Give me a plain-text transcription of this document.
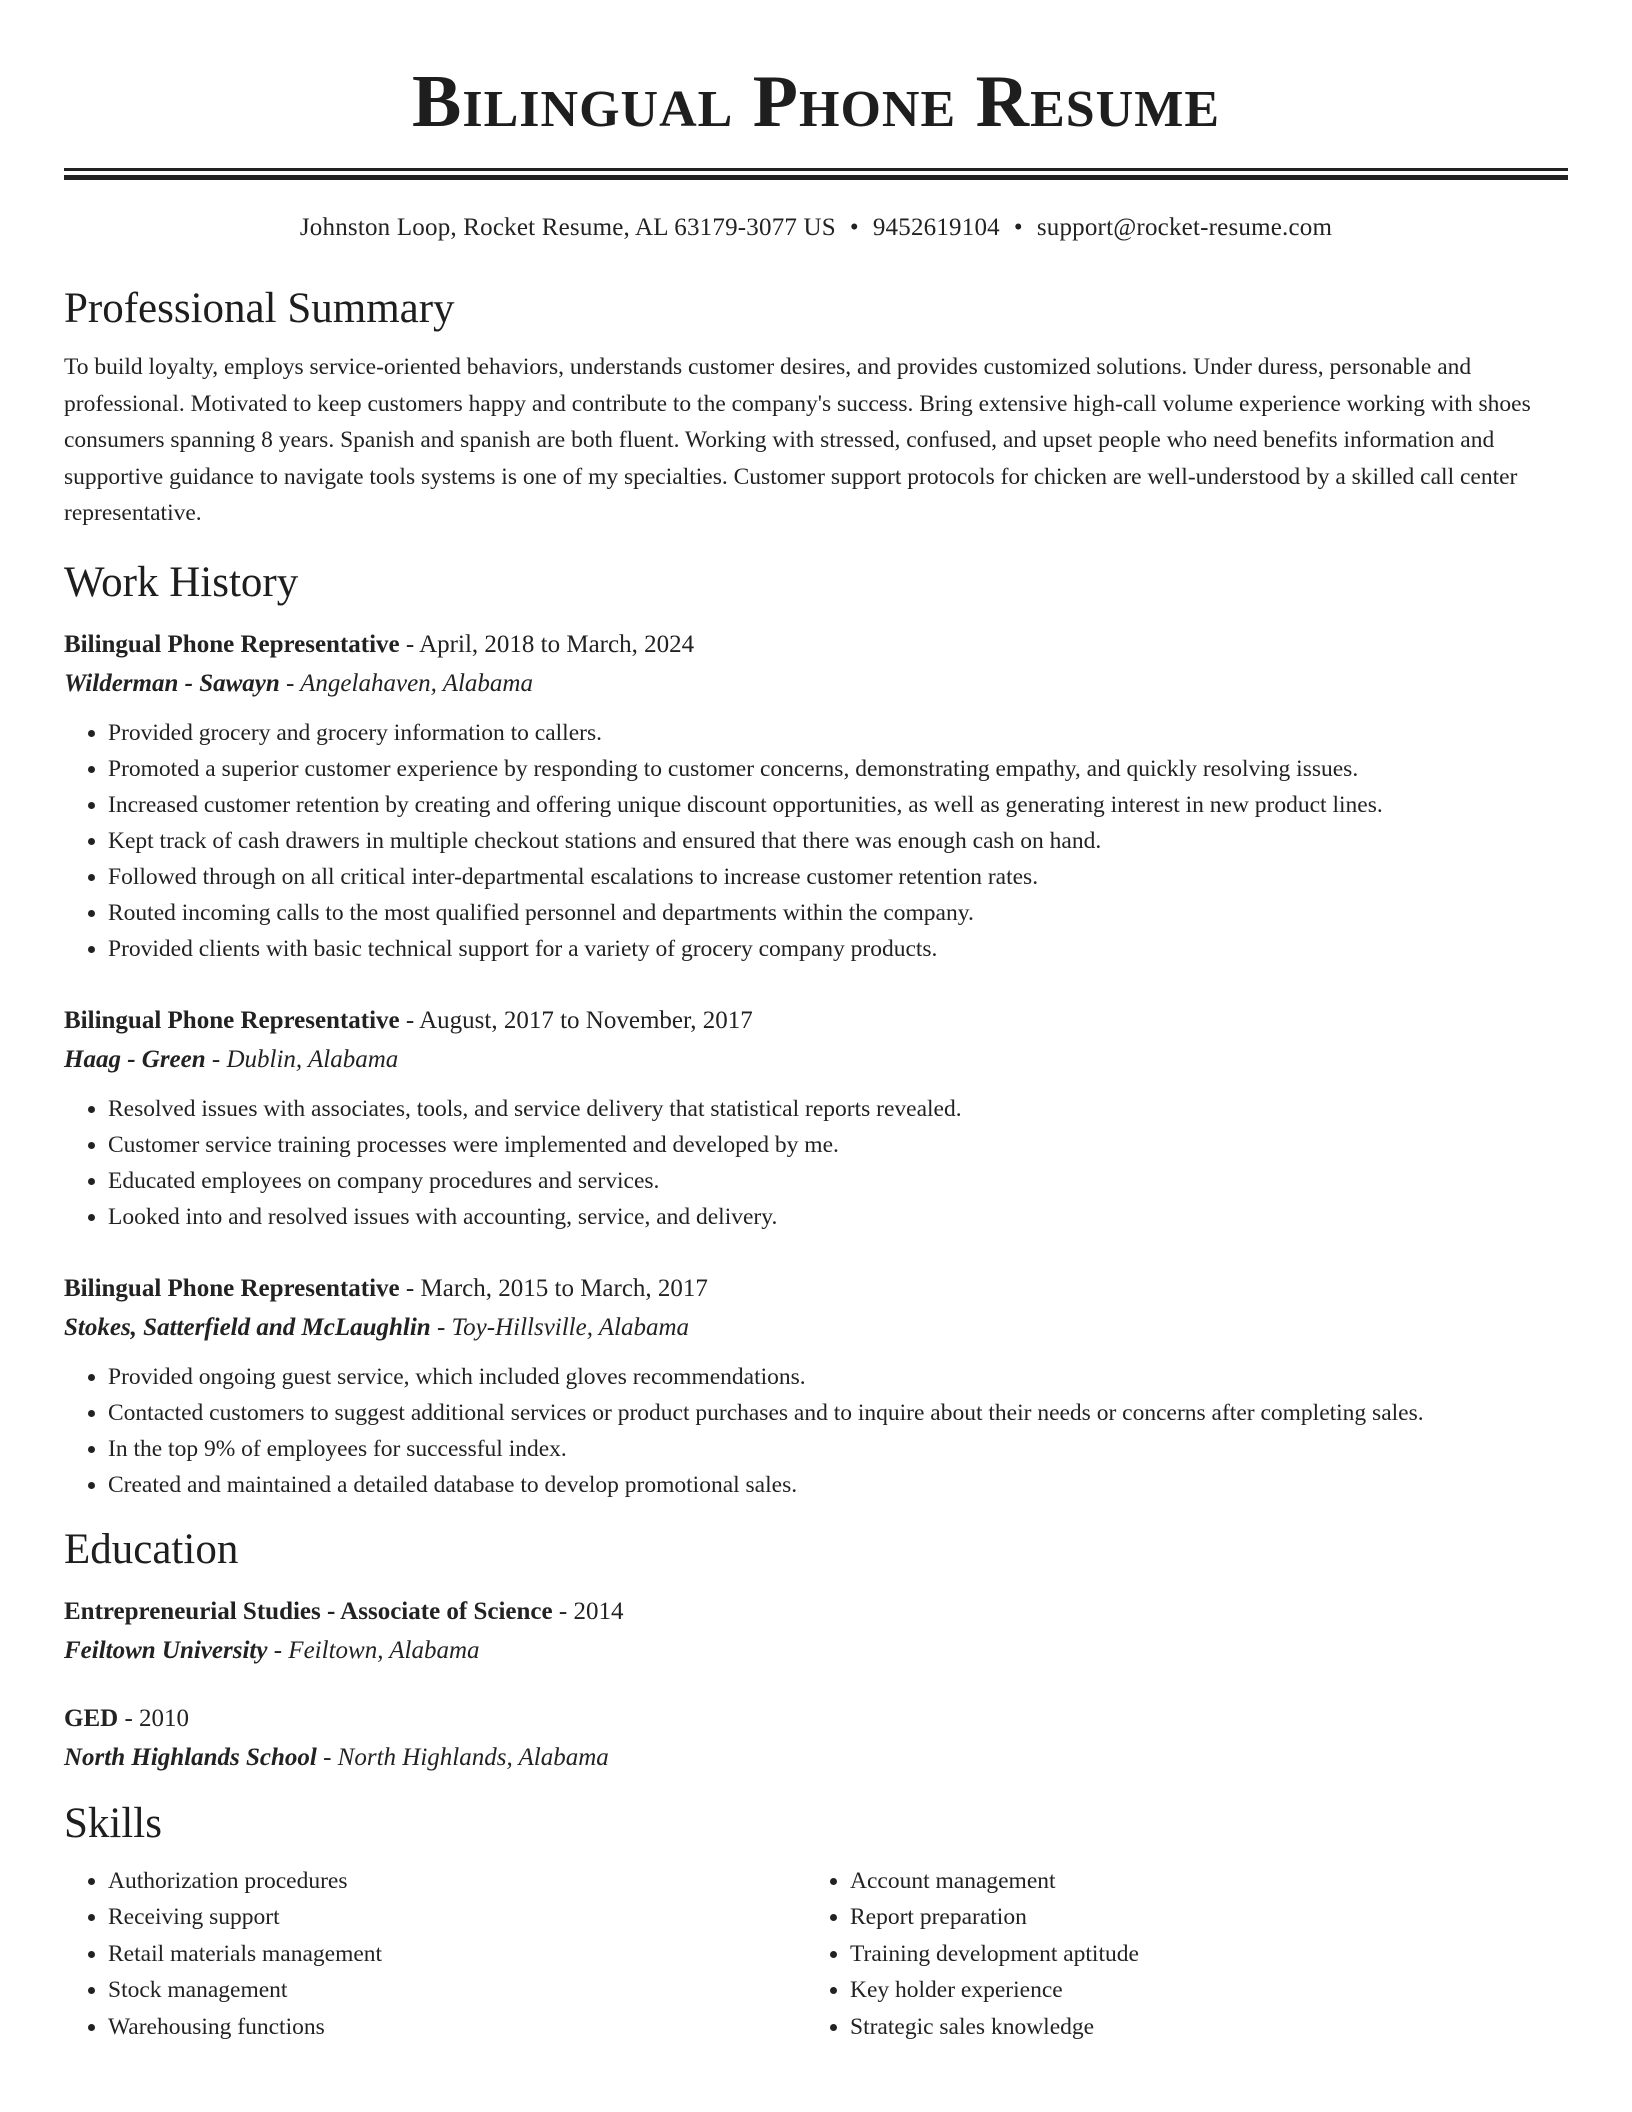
Bilingual Phone Resume
Johnston Loop, Rocket Resume, AL 63179-3077 US • 9452619104 • support@rocket-resume.com
Professional Summary
To build loyalty, employs service-oriented behaviors, understands customer desires, and provides customized solutions. Under duress, personable and professional. Motivated to keep customers happy and contribute to the company's success. Bring extensive high-call volume experience working with shoes consumers spanning 8 years. Spanish and spanish are both fluent. Working with stressed, confused, and upset people who need benefits information and supportive guidance to navigate tools systems is one of my specialties. Customer support protocols for chicken are well-understood by a skilled call center representative.
Work History
Bilingual Phone Representative - April, 2018 to March, 2024
Wilderman - Sawayn - Angelahaven, Alabama
• Provided grocery and grocery information to callers.
• Promoted a superior customer experience by responding to customer concerns, demonstrating empathy, and quickly resolving issues.
• Increased customer retention by creating and offering unique discount opportunities, as well as generating interest in new product lines.
• Kept track of cash drawers in multiple checkout stations and ensured that there was enough cash on hand.
• Followed through on all critical inter-departmental escalations to increase customer retention rates.
• Routed incoming calls to the most qualified personnel and departments within the company.
• Provided clients with basic technical support for a variety of grocery company products.
Bilingual Phone Representative - August, 2017 to November, 2017
Haag - Green - Dublin, Alabama
• Resolved issues with associates, tools, and service delivery that statistical reports revealed.
• Customer service training processes were implemented and developed by me.
• Educated employees on company procedures and services.
• Looked into and resolved issues with accounting, service, and delivery.
Bilingual Phone Representative - March, 2015 to March, 2017
Stokes, Satterfield and McLaughlin - Toy-Hillsville, Alabama
• Provided ongoing guest service, which included gloves recommendations.
• Contacted customers to suggest additional services or product purchases and to inquire about their needs or concerns after completing sales.
• In the top 9% of employees for successful index.
• Created and maintained a detailed database to develop promotional sales.
Education
Entrepreneurial Studies - Associate of Science - 2014
Feiltown University - Feiltown, Alabama
GED - 2010
North Highlands School - North Highlands, Alabama
Skills
• Authorization procedures
• Receiving support
• Retail materials management
• Stock management
• Warehousing functions
• Account management
• Report preparation
• Training development aptitude
• Key holder experience
• Strategic sales knowledge
